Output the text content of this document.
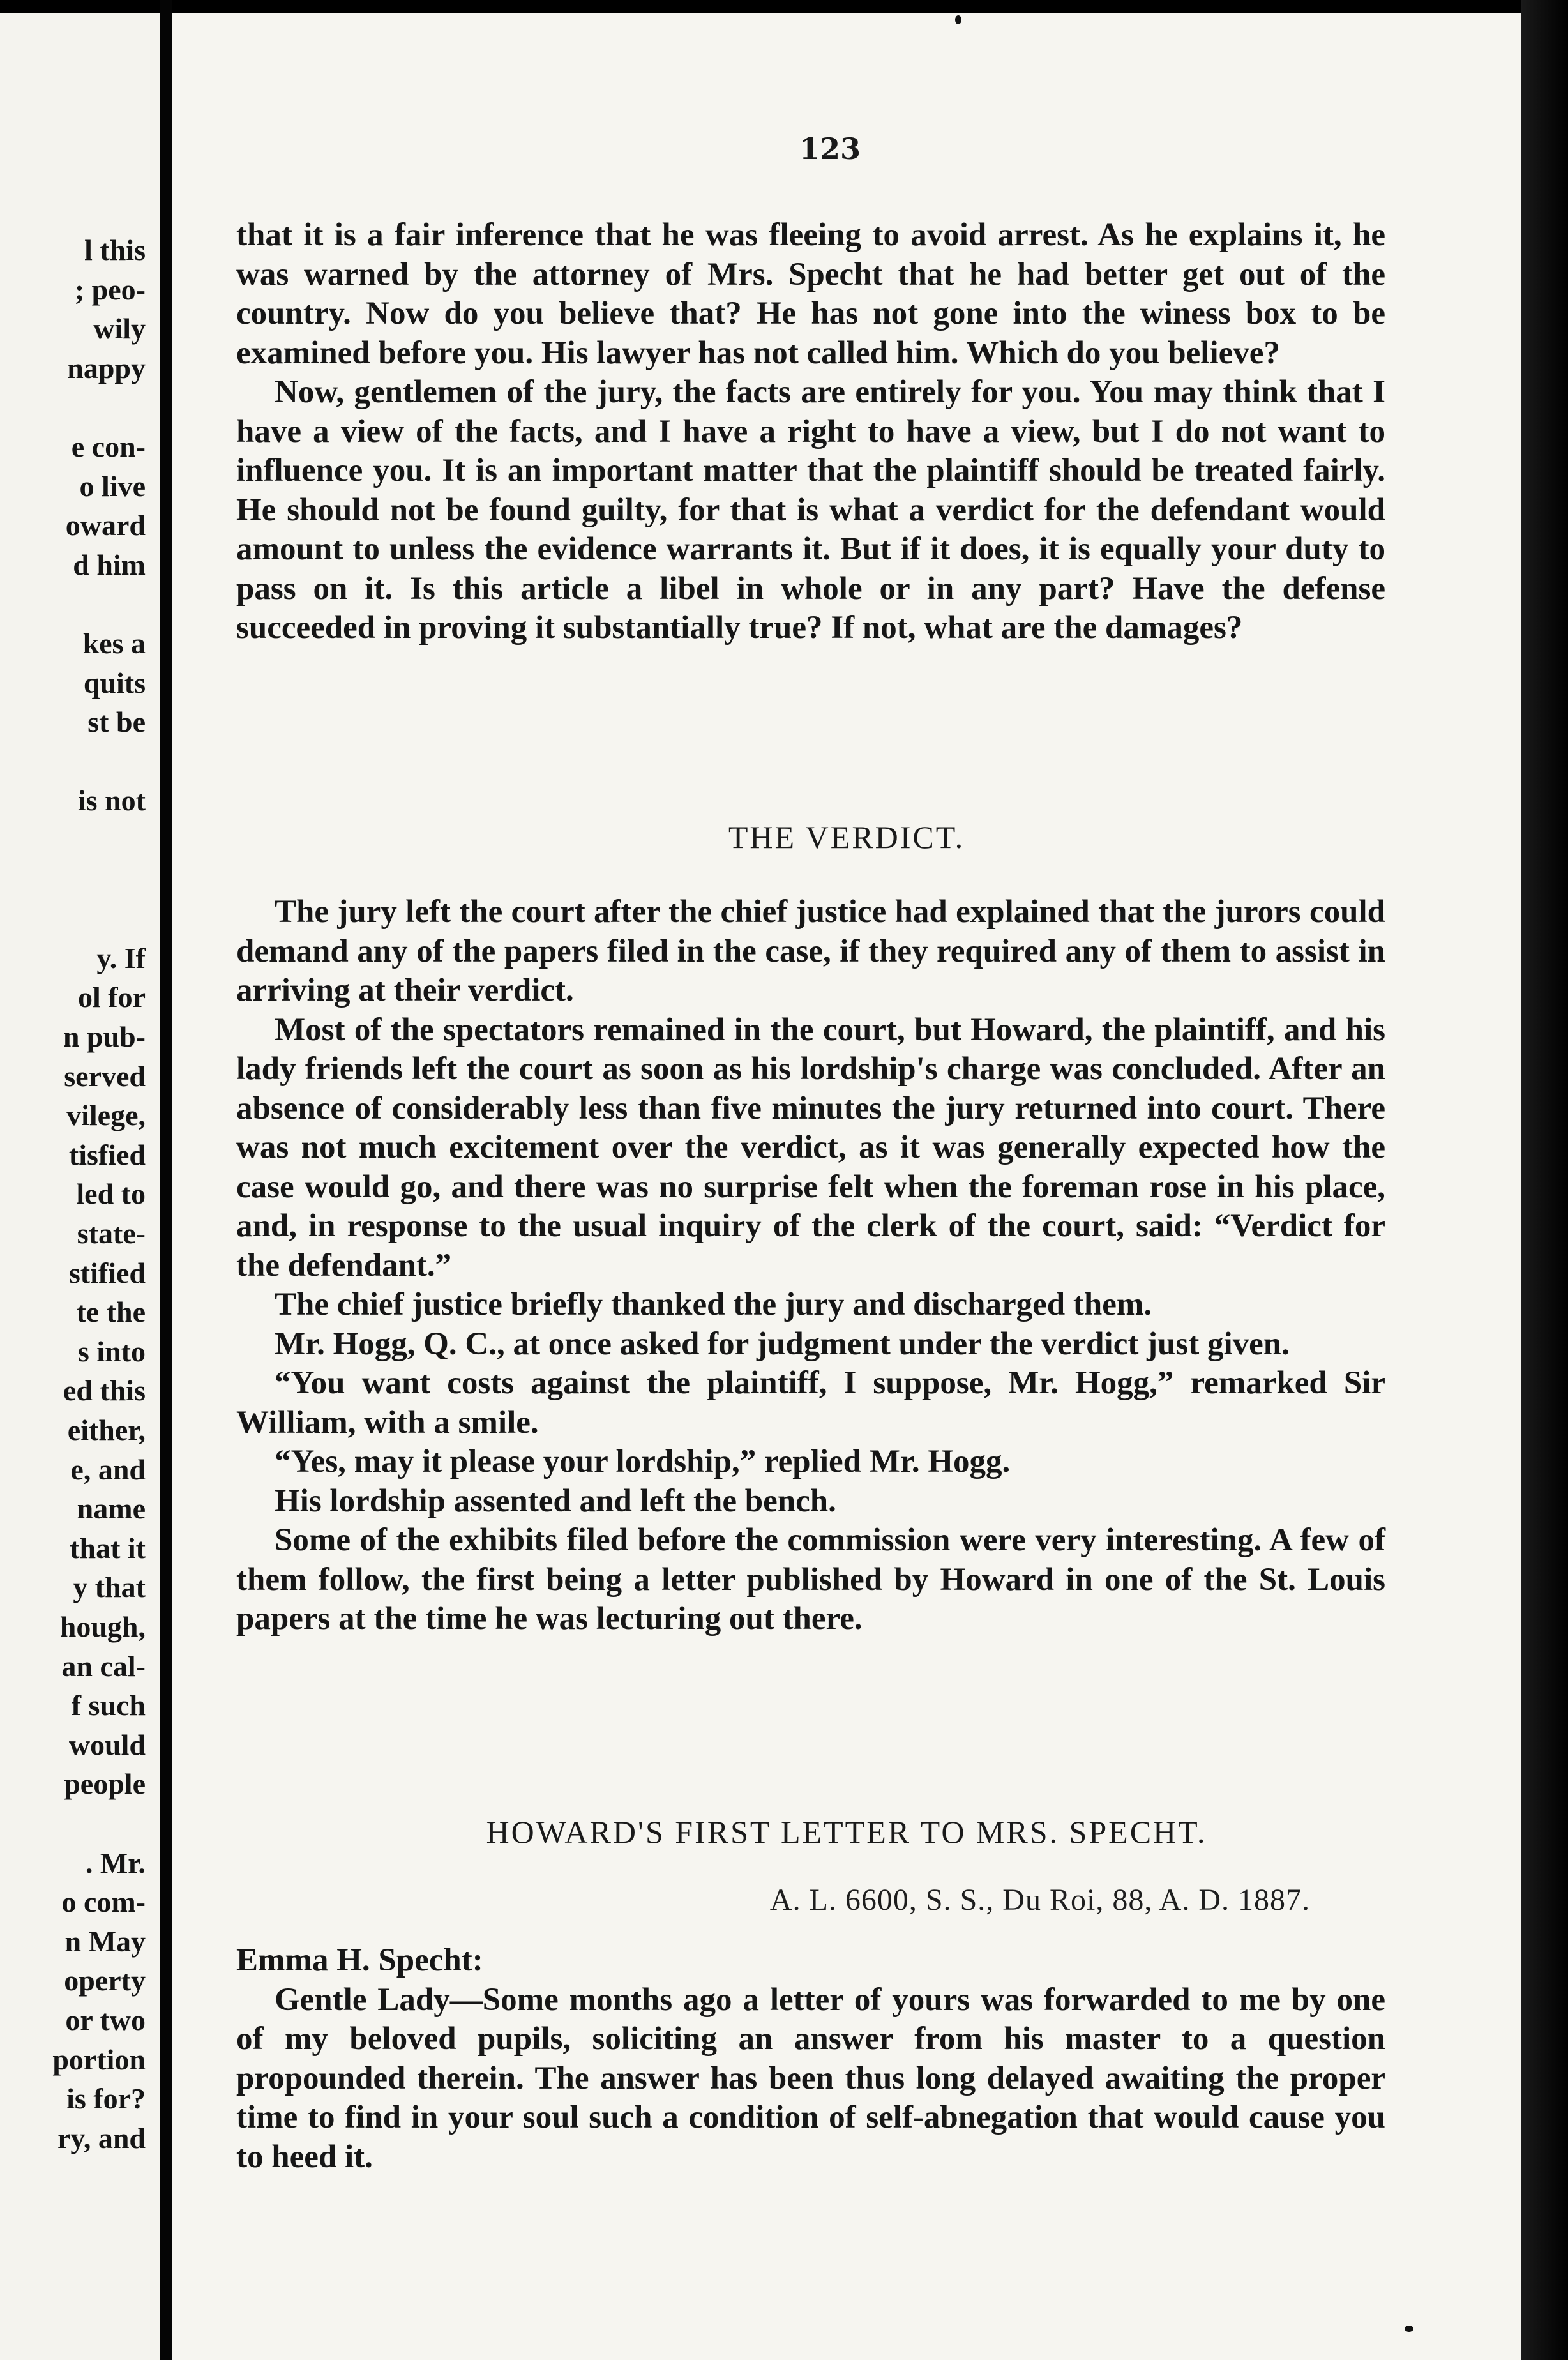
l this
; peo-
wily
nappy
e con-
o live
oward
d him
kes a
quits
st be
is not
y. If
ol for
n pub-
served
vilege,
tisfied
led to
state-
stified
te the
s into
ed this
either,
e, and
name
that it
y that
hough,
an cal-
f such
would
people
. Mr.
o com-
n May
operty
or two
portion
is for?
ry, and
123

that it is a fair inference that he was fleeing to avoid arrest. As he explains it, he was warned by the attorney of Mrs. Specht that he had better get out of the country. Now do you believe that? He has not gone into the winess box to be examined before you. His lawyer has not called him. Which do you believe?

Now, gentlemen of the jury, the facts are entirely for you. You may think that I have a view of the facts, and I have a right to have a view, but I do not want to influence you. It is an important matter that the plaintiff should be treated fairly. He should not be found guilty, for that is what a verdict for the defendant would amount to unless the evidence warrants it. But if it does, it is equally your duty to pass on it. Is this article a libel in whole or in any part? Have the defense succeeded in proving it substantially true? If not, what are the damages?

THE VERDICT.

The jury left the court after the chief justice had explained that the jurors could demand any of the papers filed in the case, if they required any of them to assist in arriving at their verdict.

Most of the spectators remained in the court, but Howard, the plaintiff, and his lady friends left the court as soon as his lordship's charge was concluded. After an absence of considerably less than five minutes the jury returned into court. There was not much excitement over the verdict, as it was generally expected how the case would go, and there was no surprise felt when the foreman rose in his place, and, in response to the usual inquiry of the clerk of the court, said: “Verdict for the defendant.”

The chief justice briefly thanked the jury and discharged them.

Mr. Hogg, Q. C., at once asked for judgment under the verdict just given.

“You want costs against the plaintiff, I suppose, Mr. Hogg,” remarked Sir William, with a smile.

“Yes, may it please your lordship,” replied Mr. Hogg.

His lordship assented and left the bench.

Some of the exhibits filed before the commission were very interesting. A few of them follow, the first being a letter published by Howard in one of the St. Louis papers at the time he was lecturing out there.

HOWARD'S FIRST LETTER TO MRS. SPECHT.
A. L. 6600, S. S., Du Roi, 88, A. D. 1887.

Emma H. Specht:

Gentle Lady—Some months ago a letter of yours was forwarded to me by one of my beloved pupils, soliciting an answer from his master to a question propounded therein. The answer has been thus long delayed awaiting the proper time to find in your soul such a condition of self-abnegation that would cause you to heed it.
